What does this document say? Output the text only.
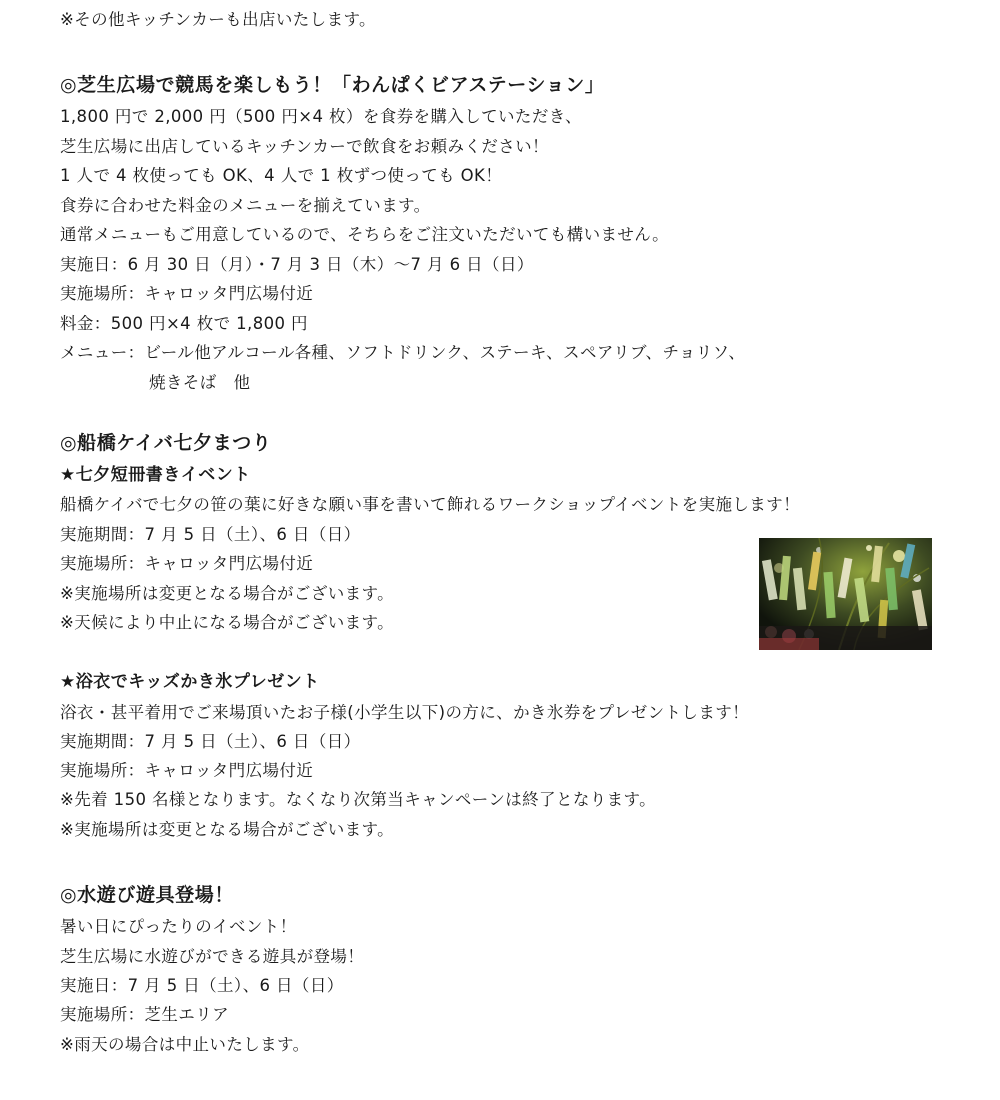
※その他キッチンカーも出店いたします。
◎芝生広場で競馬を楽しもう！「わんぱくビアステーション」
1,800 円で 2,000 円（500 円×4 枚）を食券を購入していただき、
芝生広場に出店しているキッチンカーで飲食をお頼みください！
1 人で 4 枚使っても OK、4 人で 1 枚ずつ使っても OK！
食券に合わせた料金のメニューを揃えています。
通常メニューもご用意しているので、そちらをご注文いただいても構いません。
実施日：6 月 30 日（月）・7 月 3 日（木）～7 月 6 日（日）
実施場所：キャロッタ門広場付近
料金：500 円×4 枚で 1,800 円
メニュー：ビール他アルコール各種、ソフトドリンク、ステーキ、スペアリブ、チョリソ、
焼きそば　他
◎船橋ケイバ七夕まつり
★七夕短冊書きイベント
船橋ケイバで七夕の笹の葉に好きな願い事を書いて飾れるワークショップイベントを実施します！
実施期間：7 月 5 日（土）、6 日（日）
実施場所：キャロッタ門広場付近
※実施場所は変更となる場合がございます。
※天候により中止になる場合がございます。
★浴衣でキッズかき氷プレゼント
浴衣・甚平着用でご来場頂いたお子様(小学生以下)の方に、かき氷券をプレゼントします！
実施期間：7 月 5 日（土）、6 日（日）
実施場所：キャロッタ門広場付近
※先着 150 名様となります。なくなり次第当キャンペーンは終了となります。
※実施場所は変更となる場合がございます。
◎水遊び遊具登場！
暑い日にぴったりのイベント！
芝生広場に水遊びができる遊具が登場！
実施日：7 月 5 日（土）、6 日（日）
実施場所：芝生エリア
※雨天の場合は中止いたします。
